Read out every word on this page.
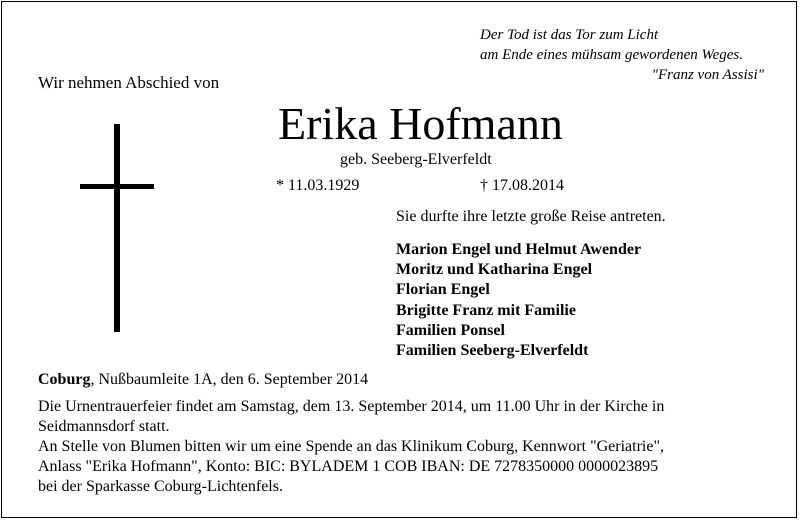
Der Tod ist das Tor zum Licht
am Ende eines mühsam gewordenen Weges.
"Franz von Assisi"
Wir nehmen Abschied von
Erika Hofmann
geb. Seeberg-Elverfeldt
* 11.03.1929	† 17.08.2014
Sie durfte ihre letzte große Reise antreten.
Marion Engel und Helmut Awender
Moritz und Katharina Engel
Florian Engel
Brigitte Franz mit Familie
Familien Ponsel
Familien Seeberg-Elverfeldt
Coburg, Nußbaumleite 1A, den 6. September 2014
Die Urnentrauerfeier findet am Samstag, dem 13. September 2014, um 11.00 Uhr in der Kirche in
Seidmannsdorf statt.
An Stelle von Blumen bitten wir um eine Spende an das Klinikum Coburg, Kennwort "Geriatrie",
Anlass "Erika Hofmann", Konto: BIC: BYLADEM 1 COB IBAN: DE 7278350000 0000023895
bei der Sparkasse Coburg-Lichtenfels.
